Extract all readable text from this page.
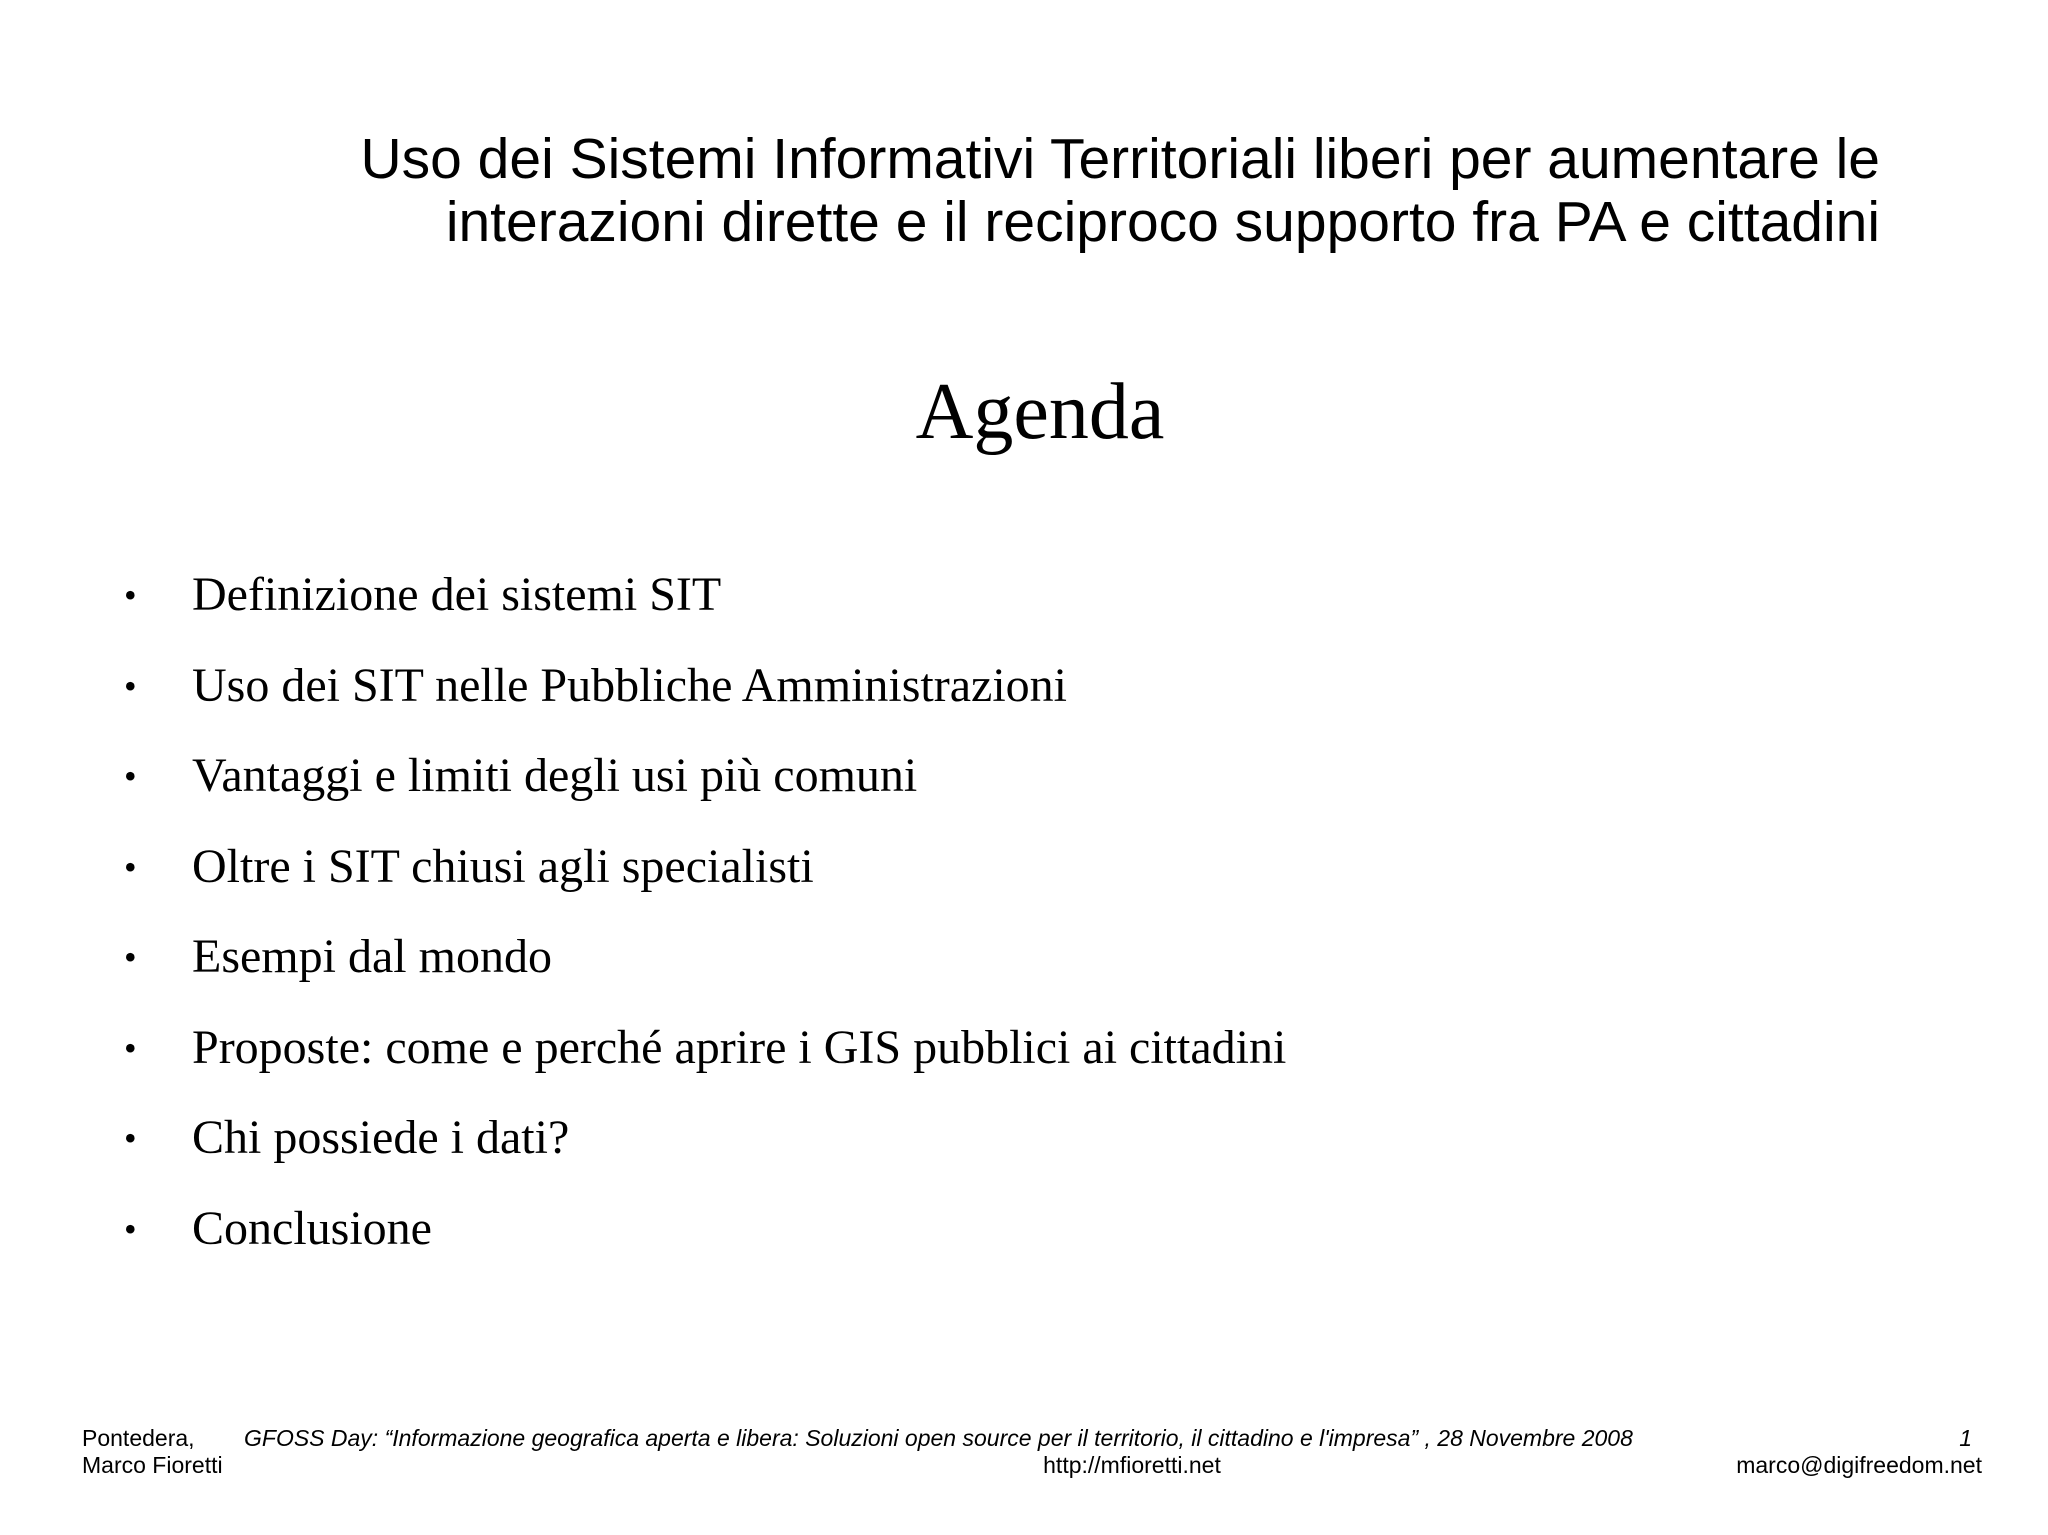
Uso dei Sistemi Informativi Territoriali liberi per aumentare le
interazioni dirette e il reciproco supporto fra PA e cittadini
Agenda
• Definizione dei sistemi SIT
• Uso dei SIT nelle Pubbliche Amministrazioni
• Vantaggi e limiti degli usi più comuni
• Oltre i SIT chiusi agli specialisti
• Esempi dal mondo
• Proposte: come e perché aprire i GIS pubblici ai cittadini
• Chi possiede i dati?
• Conclusione
Pontedera, GFOSS Day: “Informazione geografica aperta e libera: Soluzioni open source per il territorio, il cittadino e l'impresa” , 28 Novembre 2008	1
Marco Fioretti	http://mfioretti.net	marco@digifreedom.net
